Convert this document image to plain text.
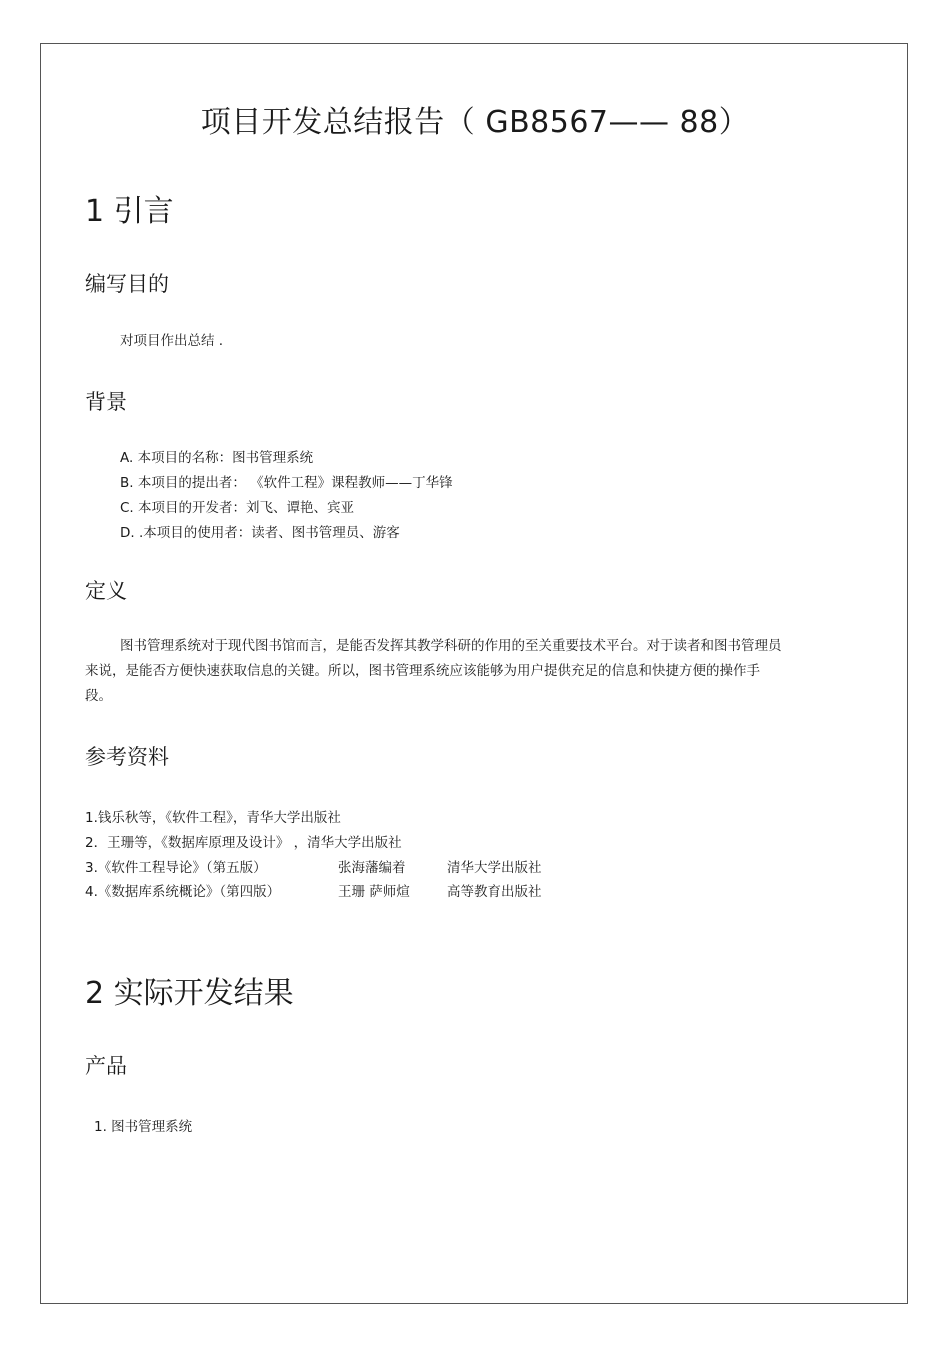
项目开发总结报告（ GB8567—— 88）
1 引言
编写目的
对项目作出总结 .
背景
A. 本项目的名称：图书管理系统
B. 本项目的提出者： 《软件工程》课程教师——丁华锋
C. 本项目的开发者：刘飞、谭艳、宾亚
D. .本项目的使用者：读者、图书管理员、游客
定义
图书管理系统对于现代图书馆而言，是能否发挥其教学科研的作用的至关重要技术平台。对于读者和图书管理员来说，是能否方便快速获取信息的关键。所以，图书管理系统应该能够为用户提供充足的信息和快捷方便的操作手段。
参考资料
1.钱乐秋等，《软件工程》，青华大学出版社
2．王珊等，《数据库原理及设计》 ，清华大学出版社
3.《软件工程导论》（第五版）	张海藩编着	清华大学出版社
4.《数据库系统概论》（第四版）	王珊 萨师煊	高等教育出版社
2 实际开发结果
产品
1. 图书管理系统
